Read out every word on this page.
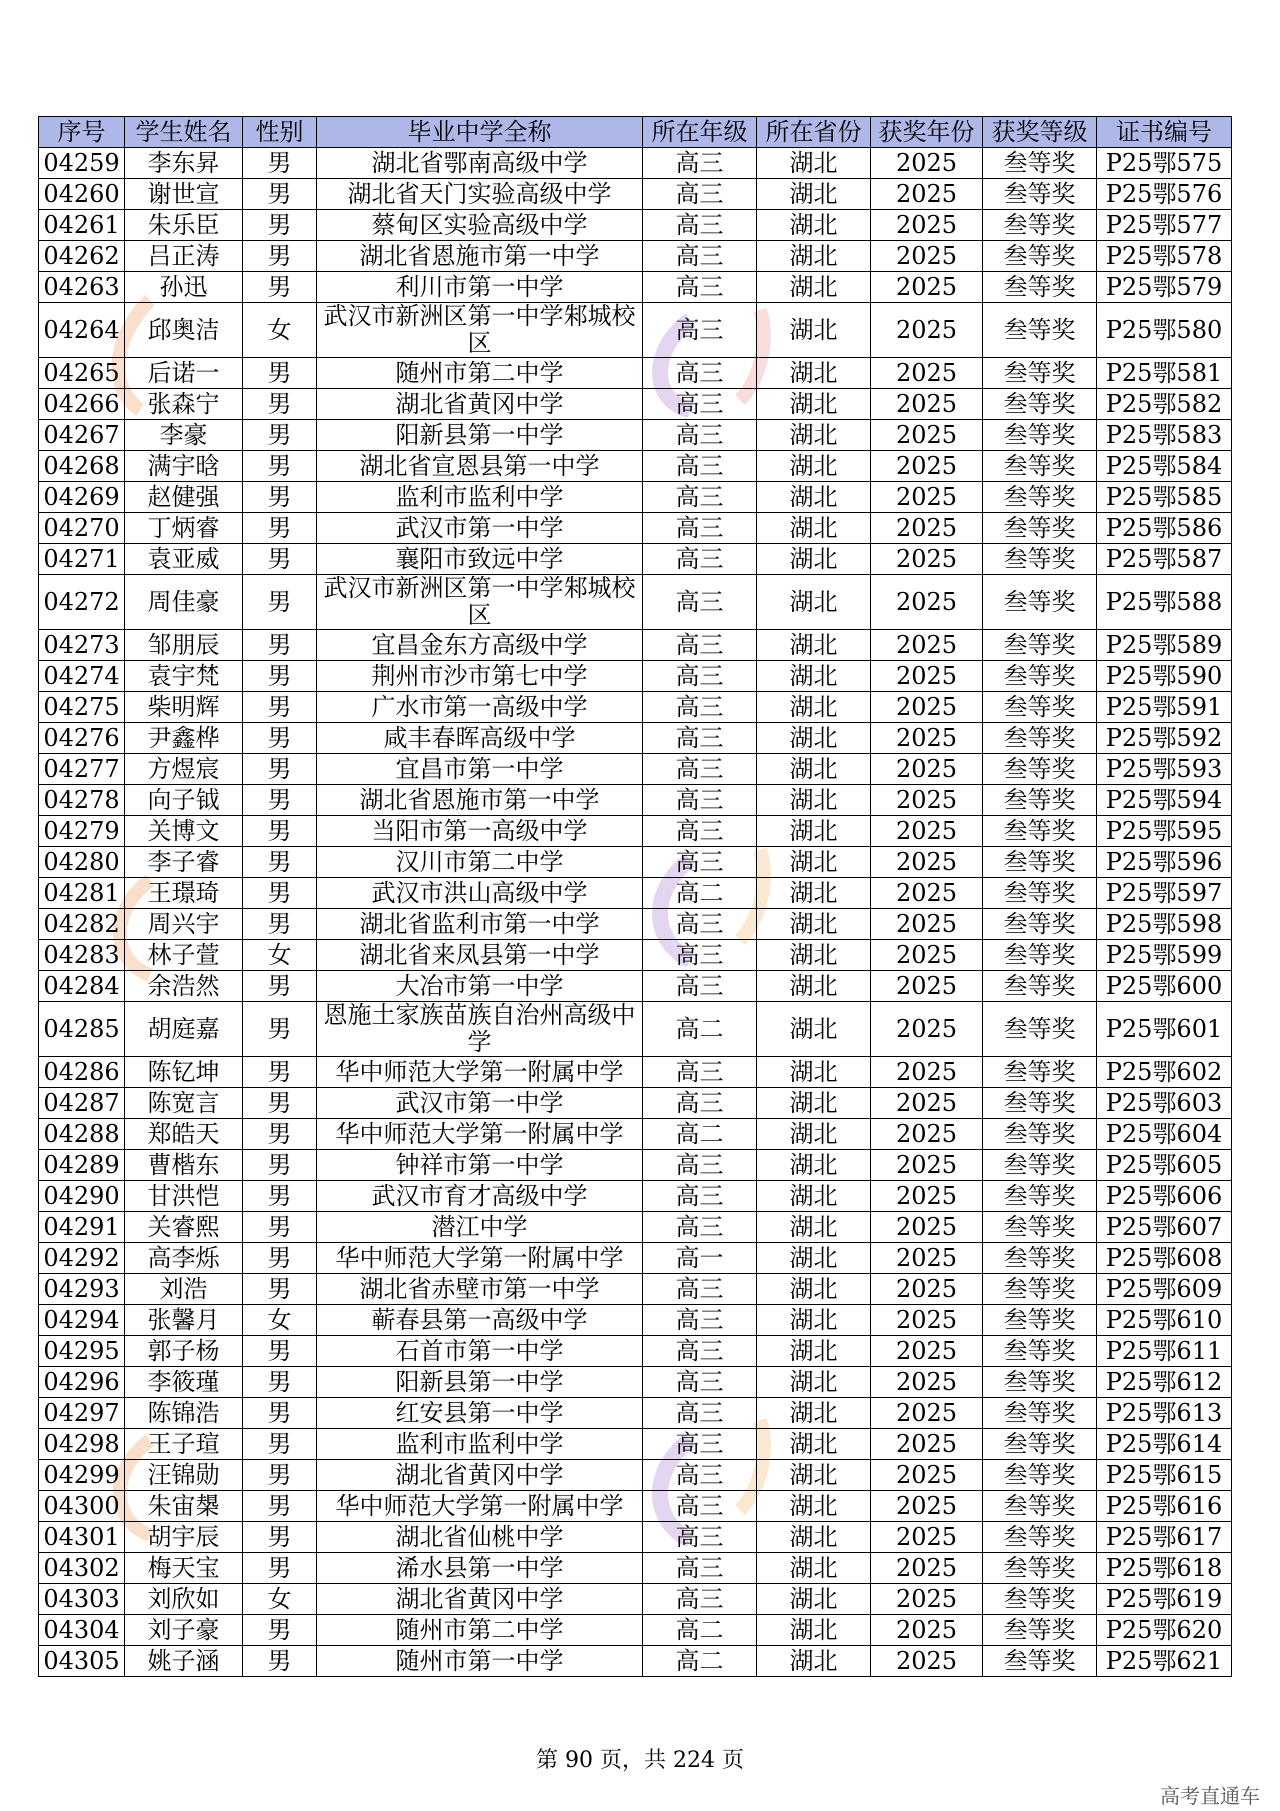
序号	学生姓名	性别	毕业中学全称	所在年级	所在省份	获奖年份	获奖等级	证书编号
04259	李东昇	男	湖北省鄂南高级中学	高三	湖北	2025	叁等奖	P25鄂575
04260	谢世宣	男	湖北省天门实验高级中学	高三	湖北	2025	叁等奖	P25鄂576
04261	朱乐臣	男	蔡甸区实验高级中学	高三	湖北	2025	叁等奖	P25鄂577
04262	吕正涛	男	湖北省恩施市第一中学	高三	湖北	2025	叁等奖	P25鄂578
04263	孙迅	男	利川市第一中学	高三	湖北	2025	叁等奖	P25鄂579
04264	邱奥洁	女	武汉市新洲区第一中学邾城校区	高三	湖北	2025	叁等奖	P25鄂580
04265	后诺一	男	随州市第二中学	高三	湖北	2025	叁等奖	P25鄂581
04266	张森宁	男	湖北省黄冈中学	高三	湖北	2025	叁等奖	P25鄂582
04267	李豪	男	阳新县第一中学	高三	湖北	2025	叁等奖	P25鄂583
04268	满宇晗	男	湖北省宣恩县第一中学	高三	湖北	2025	叁等奖	P25鄂584
04269	赵健强	男	监利市监利中学	高三	湖北	2025	叁等奖	P25鄂585
04270	丁炳睿	男	武汉市第一中学	高三	湖北	2025	叁等奖	P25鄂586
04271	袁亚威	男	襄阳市致远中学	高三	湖北	2025	叁等奖	P25鄂587
04272	周佳豪	男	武汉市新洲区第一中学邾城校区	高三	湖北	2025	叁等奖	P25鄂588
04273	邹朋辰	男	宜昌金东方高级中学	高三	湖北	2025	叁等奖	P25鄂589
04274	袁宇梵	男	荆州市沙市第七中学	高三	湖北	2025	叁等奖	P25鄂590
04275	柴明辉	男	广水市第一高级中学	高三	湖北	2025	叁等奖	P25鄂591
04276	尹鑫桦	男	咸丰春晖高级中学	高三	湖北	2025	叁等奖	P25鄂592
04277	方煜宸	男	宜昌市第一中学	高三	湖北	2025	叁等奖	P25鄂593
04278	向子钺	男	湖北省恩施市第一中学	高三	湖北	2025	叁等奖	P25鄂594
04279	关博文	男	当阳市第一高级中学	高三	湖北	2025	叁等奖	P25鄂595
04280	李子睿	男	汉川市第二中学	高三	湖北	2025	叁等奖	P25鄂596
04281	王璟琦	男	武汉市洪山高级中学	高二	湖北	2025	叁等奖	P25鄂597
04282	周兴宇	男	湖北省监利市第一中学	高三	湖北	2025	叁等奖	P25鄂598
04283	林子萱	女	湖北省来凤县第一中学	高三	湖北	2025	叁等奖	P25鄂599
04284	余浩然	男	大冶市第一中学	高三	湖北	2025	叁等奖	P25鄂600
04285	胡庭嘉	男	恩施土家族苗族自治州高级中学	高二	湖北	2025	叁等奖	P25鄂601
04286	陈钇坤	男	华中师范大学第一附属中学	高三	湖北	2025	叁等奖	P25鄂602
04287	陈宽言	男	武汉市第一中学	高三	湖北	2025	叁等奖	P25鄂603
04288	郑皓天	男	华中师范大学第一附属中学	高二	湖北	2025	叁等奖	P25鄂604
04289	曹楷东	男	钟祥市第一中学	高三	湖北	2025	叁等奖	P25鄂605
04290	甘洪恺	男	武汉市育才高级中学	高三	湖北	2025	叁等奖	P25鄂606
04291	关睿熙	男	潜江中学	高三	湖北	2025	叁等奖	P25鄂607
04292	高李烁	男	华中师范大学第一附属中学	高一	湖北	2025	叁等奖	P25鄂608
04293	刘浩	男	湖北省赤壁市第一中学	高三	湖北	2025	叁等奖	P25鄂609
04294	张馨月	女	蕲春县第一高级中学	高三	湖北	2025	叁等奖	P25鄂610
04295	郭子杨	男	石首市第一中学	高三	湖北	2025	叁等奖	P25鄂611
04296	李筱瑾	男	阳新县第一中学	高三	湖北	2025	叁等奖	P25鄂612
04297	陈锦浩	男	红安县第一中学	高三	湖北	2025	叁等奖	P25鄂613
04298	王子瑄	男	监利市监利中学	高三	湖北	2025	叁等奖	P25鄂614
04299	汪锦勋	男	湖北省黄冈中学	高三	湖北	2025	叁等奖	P25鄂615
04300	朱宙槼	男	华中师范大学第一附属中学	高三	湖北	2025	叁等奖	P25鄂616
04301	胡宇辰	男	湖北省仙桃中学	高三	湖北	2025	叁等奖	P25鄂617
04302	梅天宝	男	浠水县第一中学	高三	湖北	2025	叁等奖	P25鄂618
04303	刘欣如	女	湖北省黄冈中学	高三	湖北	2025	叁等奖	P25鄂619
04304	刘子豪	男	随州市第二中学	高二	湖北	2025	叁等奖	P25鄂620
04305	姚子涵	男	随州市第一中学	高二	湖北	2025	叁等奖	P25鄂621
第 90 页，共 224 页
高考直通车
